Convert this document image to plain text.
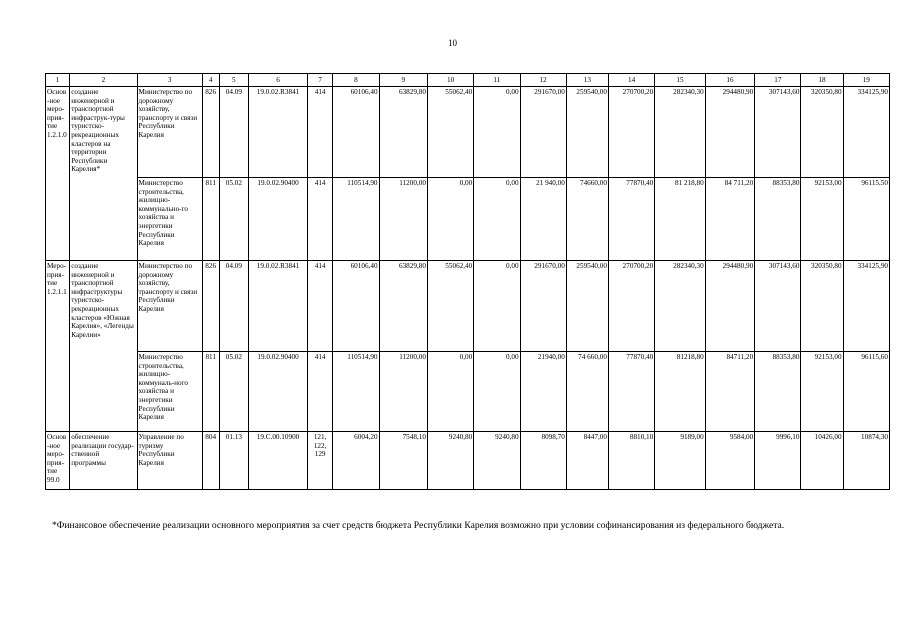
10
1	2	3	4	5	6	7	8	9	10	11	12	13	14	15	16	17	18	19
Основ-ное меро-прия-тие 1.2.1.0	создание инженерной и транспортной инфраструк-туры туристско-рекреационных кластеров на территории Республики Карелия*	Министерство по дорожному хозяйству, транспорту и связи Республики Карелия	826	04.09	19.0.02.R3841	414	60106,40	63829,80	55062,40	0,00	291670,00	259540,00	270700,20	282340,30	294480,90	307143,60	320350,80	334125,90
		Министерство строительства, жилищно-коммунально-го хозяйства и энергетики Республики Карелия	811	05.02	19.0.02.90400	414	110514,90	11200,00	0,00	0,00	21 940,00	74660,00	77870,40	81 218,80	84 711,20	88353,80	92153,00	96115,50
Меро-прия-тие 1.2.1.1	создание инженерной и транспортной инфраструктуры туристско-рекреационных кластеров «Южная Карелия», «Легенды Карелии»	Министерство по дорожному хозяйству, транспорту и связи Республики Карелия	826	04.09	19.0.02.R3841	414	60106,40	63829,80	55062,40	0,00	291670,00	259540,00	270700,20	282340,30	294480,90	307143,60	320350,80	334125,90
		Министерство строительства, жилищно-коммуналь-ного хозяйства и энергетики Республики Карелия	811	05.02	19.0.02.90400	414	110514,90	11200,00	0,00	0,00	21940,00	74 660,00	77870,40	81218,80	84711,20	88353,80	92153,00	96115,60
Основ-ное меро-прия-тие 99.0	обеспечение реализации государ-ственной программы	Управление по туризму Республики Карелия	804	01.13	19.С.00.10900	121, 122, 129	6004,20	7548,10	9240,80	9240,80	8098,70	8447,00	8810,10	9189,00	9584,00	9996,10	10426,00	10874,30
*Финансовое обеспечение реализации основного мероприятия за счет средств бюджета Республики Карелия возможно при условии софинансирования из федерального бюджета.
